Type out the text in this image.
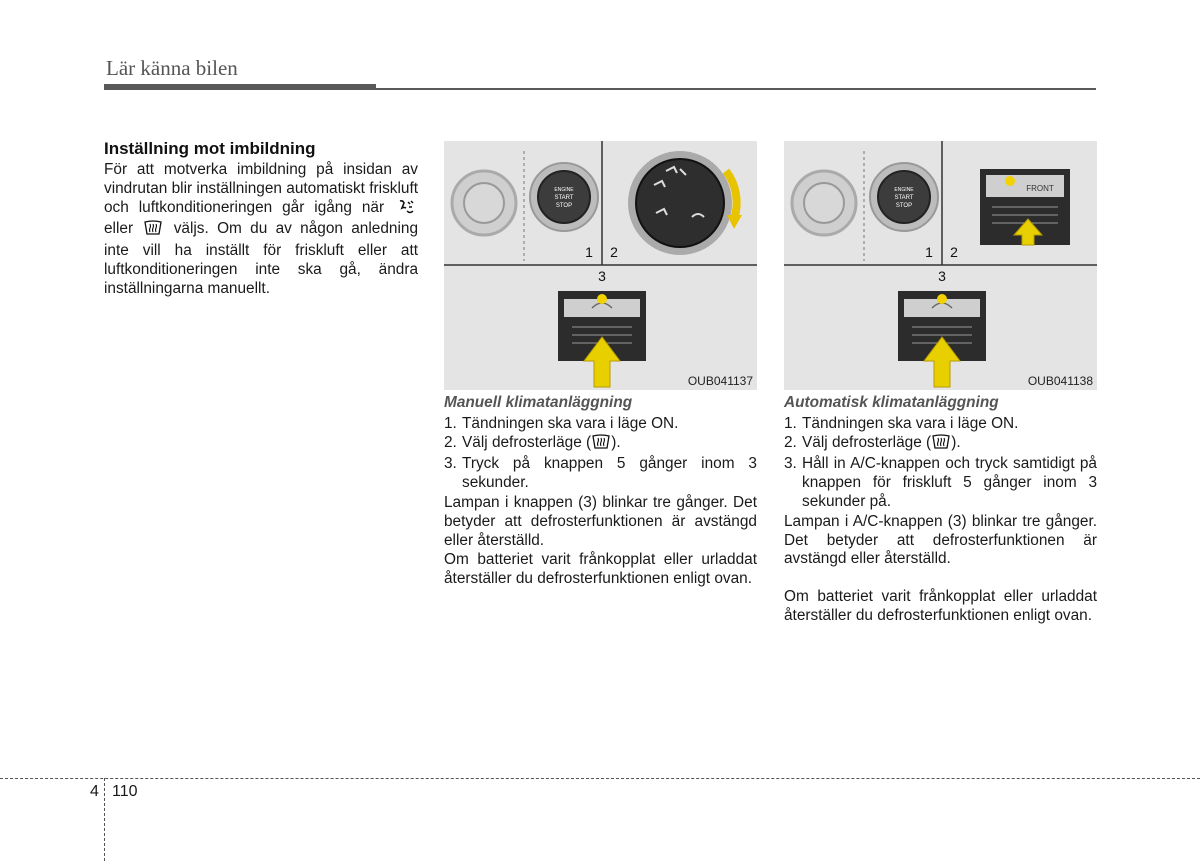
Lär känna bilen
Inställning mot imbildning
För att motverka imbildning på insidan av vindrutan blir inställningen automatiskt friskluft och luftkonditioneringen går igång när  eller	väljs. Om du av någon anledning inte vill ha inställt för friskluft eller att luftkonditioneringen inte ska gå, ändra inställningarna manuellt.
ENGINE
START
STOP
1 2
3
OUB041137
ENGINE
START
STOP
FRONT
1 2
3
OUB041138
Manuell klimatanläggning
1. Tändningen ska vara i läge ON.
2. Välj defrosterläge ( ).
3. Tryck på knappen 5 gånger inom 3 sekunder.
Lampan i knappen (3) blinkar tre gånger. Det betyder att defrosterfunktionen är avstängd eller återställd.
Om batteriet varit frånkopplat eller urladdat återställer du defrosterfunktionen enligt ovan.
Automatisk klimatanläggning
1. Tändningen ska vara i läge ON.
2. Välj defrosterläge ( ).
3. Håll in A/C-knappen och tryck samtidigt på knappen för friskluft 5 gånger inom 3 sekunder på.
Lampan i A/C-knappen (3) blinkar tre gånger. Det betyder att defrosterfunktionen är avstängd eller återställd.
Om batteriet varit frånkopplat eller urladdat återställer du defrosterfunktionen enligt ovan.
4 110
